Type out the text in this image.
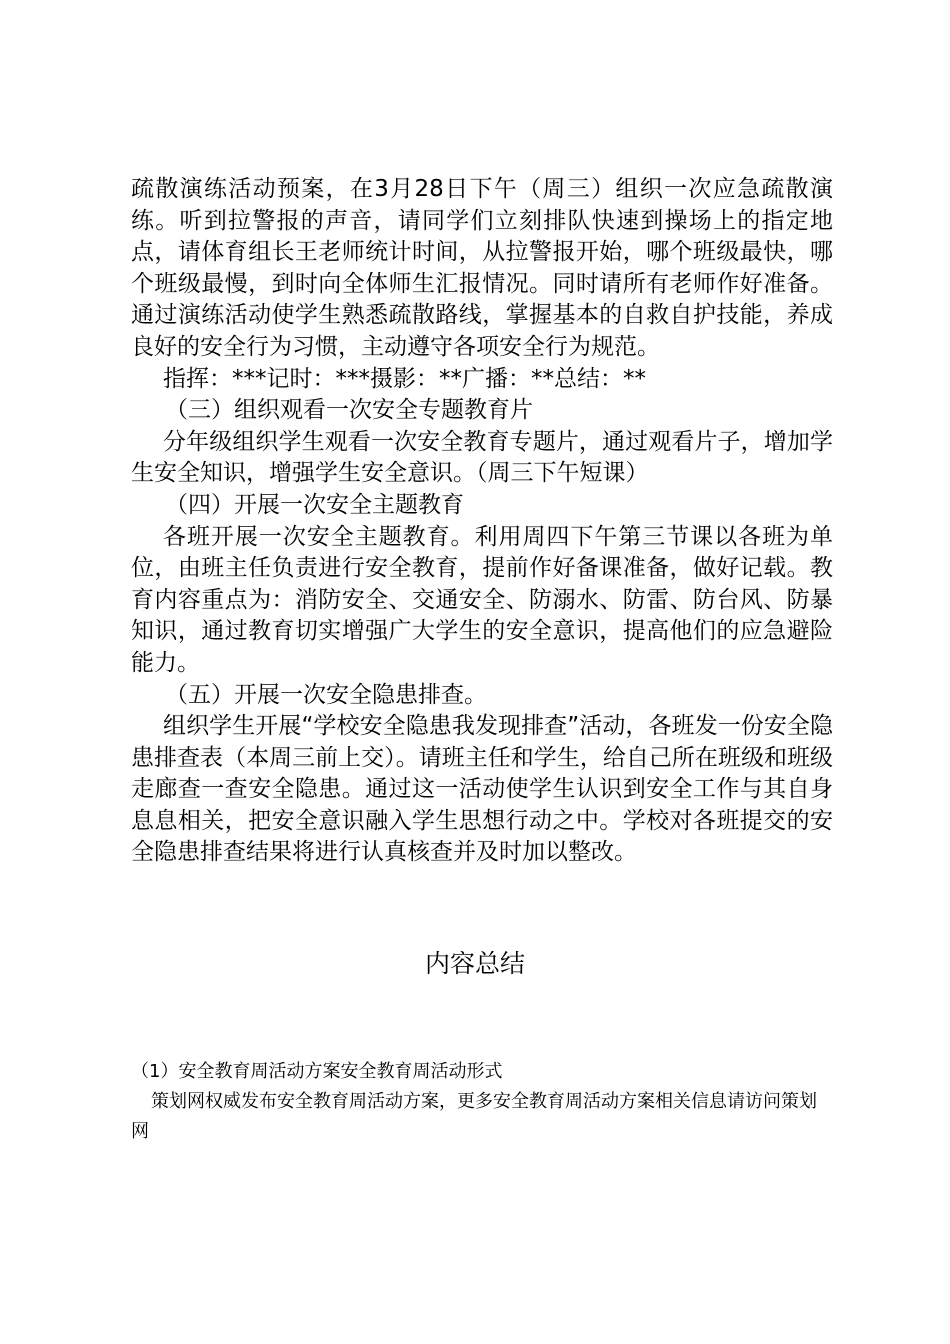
疏散演练活动预案，在3月28日下午（周三）组织一次应急疏散演练。听到拉警报的声音，请同学们立刻排队快速到操场上的指定地点，请体育组长王老师统计时间，从拉警报开始，哪个班级最快，哪个班级最慢，到时向全体师生汇报情况。同时请所有老师作好准备。通过演练活动使学生熟悉疏散路线，掌握基本的自救自护技能，养成良好的安全行为习惯，主动遵守各项安全行为规范。

指挥：***记时：***摄影：**广播：**总结：**

（三）组织观看一次安全专题教育片

分年级组织学生观看一次安全教育专题片，通过观看片子，增加学生安全知识，增强学生安全意识。（周三下午短课）

（四）开展一次安全主题教育

各班开展一次安全主题教育。利用周四下午第三节课以各班为单位，由班主任负责进行安全教育，提前作好备课准备，做好记载。教育内容重点为：消防安全、交通安全、防溺水、防雷、防台风、防暴知识，通过教育切实增强广大学生的安全意识，提高他们的应急避险能力。

（五）开展一次安全隐患排查。

组织学生开展“学校安全隐患我发现排查”活动，各班发一份安全隐患排查表（本周三前上交）。请班主任和学生，给自己所在班级和班级走廊查一查安全隐患。通过这一活动使学生认识到安全工作与其自身息息相关，把安全意识融入学生思想行动之中。学校对各班提交的安全隐患排查结果将进行认真核查并及时加以整改。

内容总结

（1）安全教育周活动方案安全教育周活动形式

策划网权威发布安全教育周活动方案，更多安全教育周活动方案相关信息请访问策划网
